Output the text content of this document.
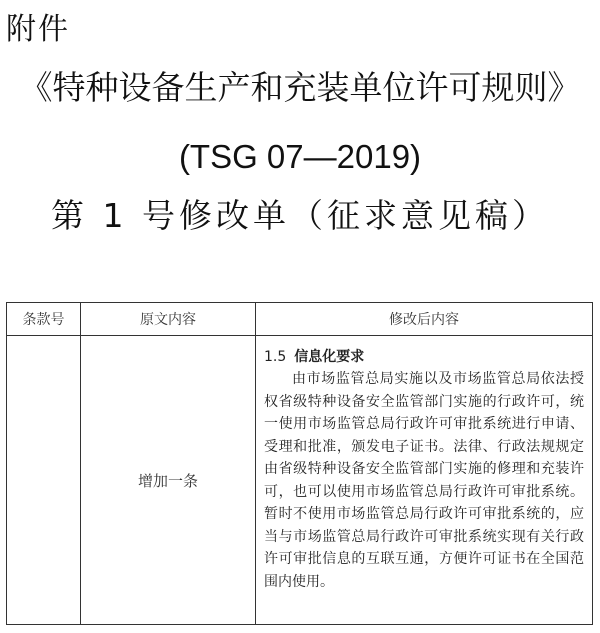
附件
《特种设备生产和充装单位许可规则》
(TSG 07—2019)
第 1 号修改单（征求意见稿）
条款号	原文内容	修改后内容
	增加一条	1.5 信息化要求

由市场监管总局实施以及市场监管总局依法授权省级特种设备安全监管部门实施的行政许可，统一使用市场监管总局行政许可审批系统进行申请、受理和批准，颁发电子证书。法律、行政法规规定由省级特种设备安全监管部门实施的修理和充装许可，也可以使用市场监管总局行政许可审批系统。暂时不使用市场监管总局行政许可审批系统的，应当与市场监管总局行政许可审批系统实现有关行政许可审批信息的互联互通，方便许可证书在全国范围内使用。
